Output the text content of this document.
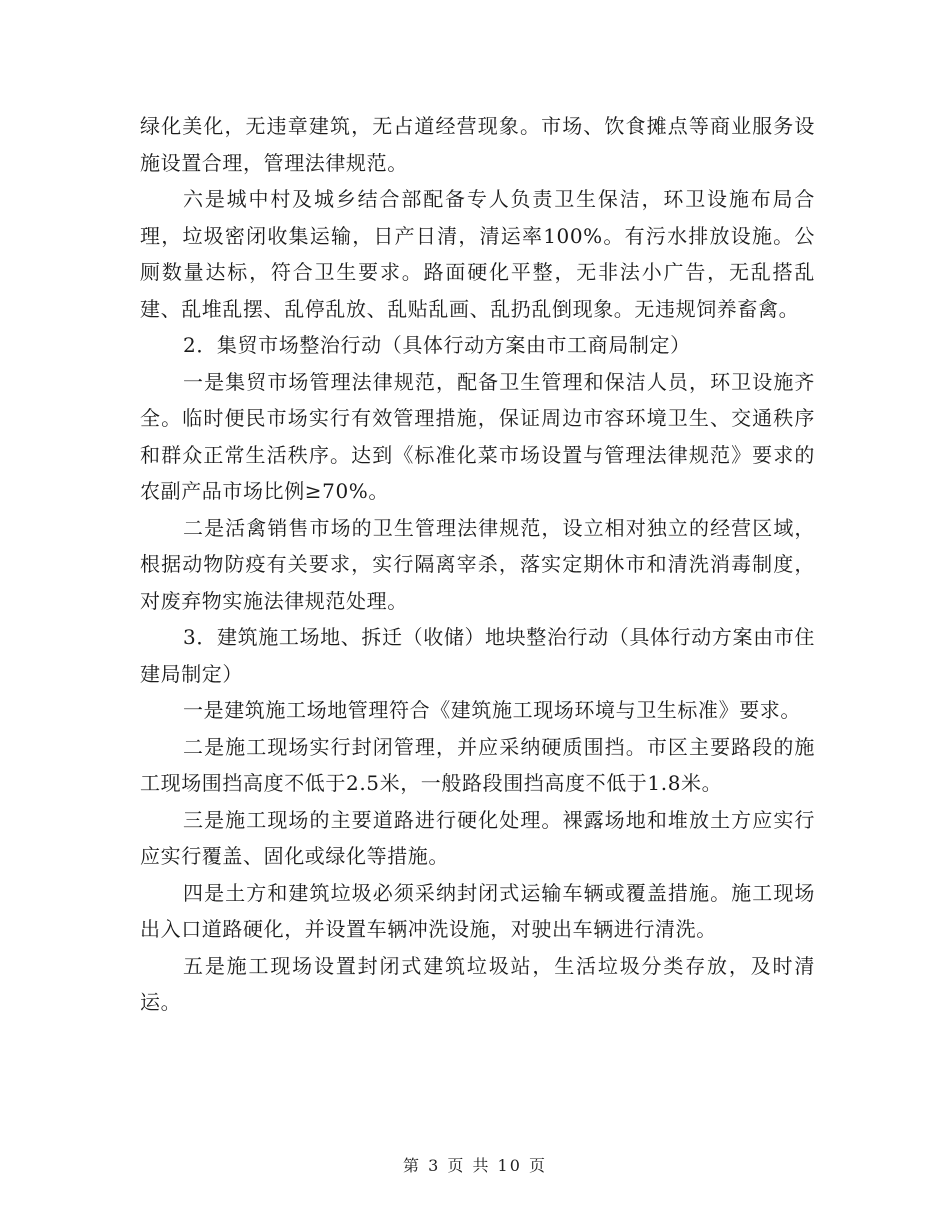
绿化美化，无违章建筑，无占道经营现象。市场、饮食摊点等商业服务设施设置合理，管理法律规范。

六是城中村及城乡结合部配备专人负责卫生保洁，环卫设施布局合理，垃圾密闭收集运输，日产日清，清运率100%。有污水排放设施。公厕数量达标，符合卫生要求。路面硬化平整，无非法小广告，无乱搭乱建、乱堆乱摆、乱停乱放、乱贴乱画、乱扔乱倒现象。无违规饲养畜禽。

2．集贸市场整治行动（具体行动方案由市工商局制定）

一是集贸市场管理法律规范，配备卫生管理和保洁人员，环卫设施齐全。临时便民市场实行有效管理措施，保证周边市容环境卫生、交通秩序和群众正常生活秩序。达到《标准化菜市场设置与管理法律规范》要求的农副产品市场比例≥70%。

二是活禽销售市场的卫生管理法律规范，设立相对独立的经营区域，根据动物防疫有关要求，实行隔离宰杀，落实定期休市和清洗消毒制度，对废弃物实施法律规范处理。

3．建筑施工场地、拆迁（收储）地块整治行动（具体行动方案由市住建局制定）

一是建筑施工场地管理符合《建筑施工现场环境与卫生标准》要求。

二是施工现场实行封闭管理，并应采纳硬质围挡。市区主要路段的施工现场围挡高度不低于2.5米，一般路段围挡高度不低于1.8米。

三是施工现场的主要道路进行硬化处理。裸露场地和堆放土方应实行应实行覆盖、固化或绿化等措施。

四是土方和建筑垃圾必须采纳封闭式运输车辆或覆盖措施。施工现场出入口道路硬化，并设置车辆冲洗设施，对驶出车辆进行清洗。

五是施工现场设置封闭式建筑垃圾站，生活垃圾分类存放，及时清运。

第 3 页 共 10 页
